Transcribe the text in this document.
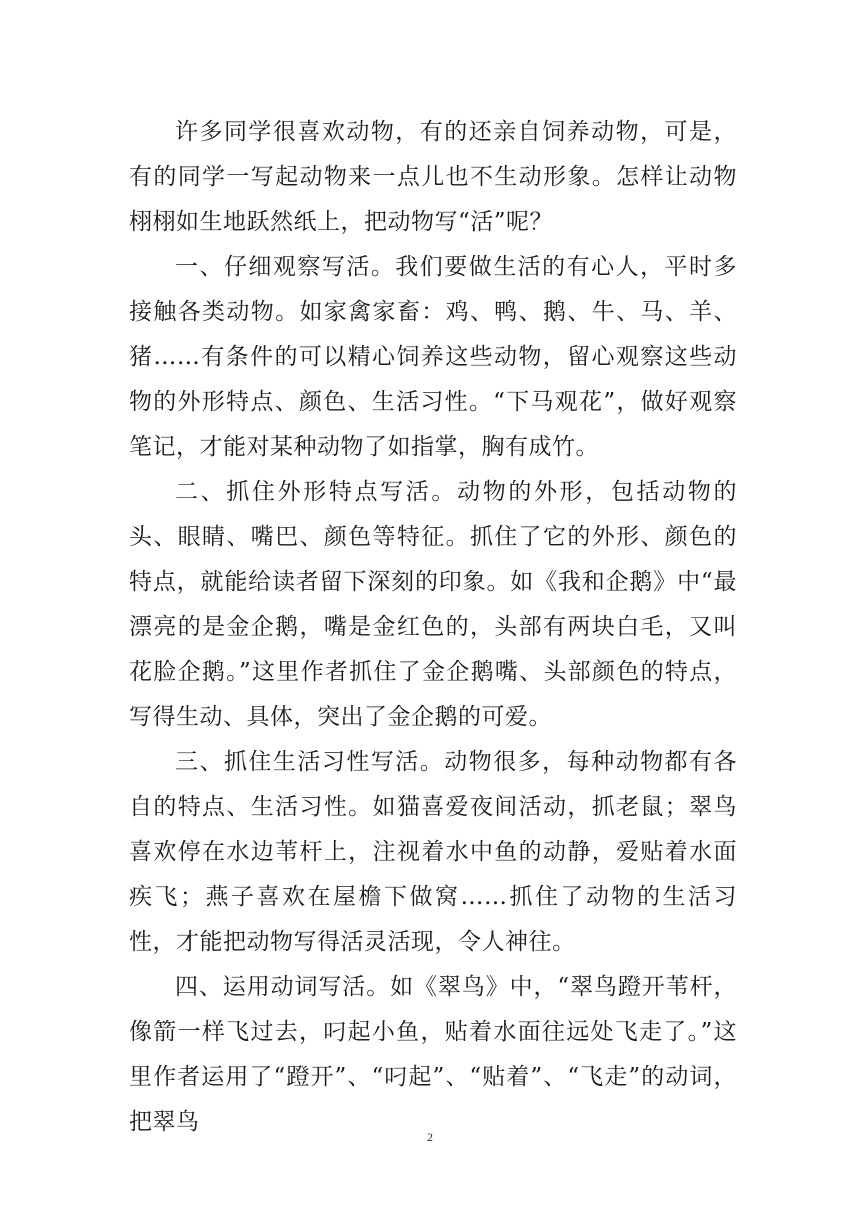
许多同学很喜欢动物，有的还亲自饲养动物，可是，有的同学一写起动物来一点儿也不生动形象。怎样让动物栩栩如生地跃然纸上，把动物写“活”呢？

一、仔细观察写活。我们要做生活的有心人，平时多接触各类动物。如家禽家畜：鸡、鸭、鹅、牛、马、羊、猪……有条件的可以精心饲养这些动物，留心观察这些动物的外形特点、颜色、生活习性。“下马观花”，做好观察笔记，才能对某种动物了如指掌，胸有成竹。

二、抓住外形特点写活。动物的外形，包括动物的头、眼睛、嘴巴、颜色等特征。抓住了它的外形、颜色的特点，就能给读者留下深刻的印象。如《我和企鹅》中“最漂亮的是金企鹅，嘴是金红色的，头部有两块白毛，又叫花脸企鹅。”这里作者抓住了金企鹅嘴、头部颜色的特点，写得生动、具体，突出了金企鹅的可爱。

三、抓住生活习性写活。动物很多，每种动物都有各自的特点、生活习性。如猫喜爱夜间活动，抓老鼠；翠鸟喜欢停在水边苇杆上，注视着水中鱼的动静，爱贴着水面疾飞；燕子喜欢在屋檐下做窝……抓住了动物的生活习性，才能把动物写得活灵活现，令人神往。

四、运用动词写活。如《翠鸟》中，“翠鸟蹬开苇杆，像箭一样飞过去，叼起小鱼，贴着水面往远处飞走了。”这里作者运用了“蹬开”、“叼起”、“贴着”、“飞走”的动词，把翠鸟

2
